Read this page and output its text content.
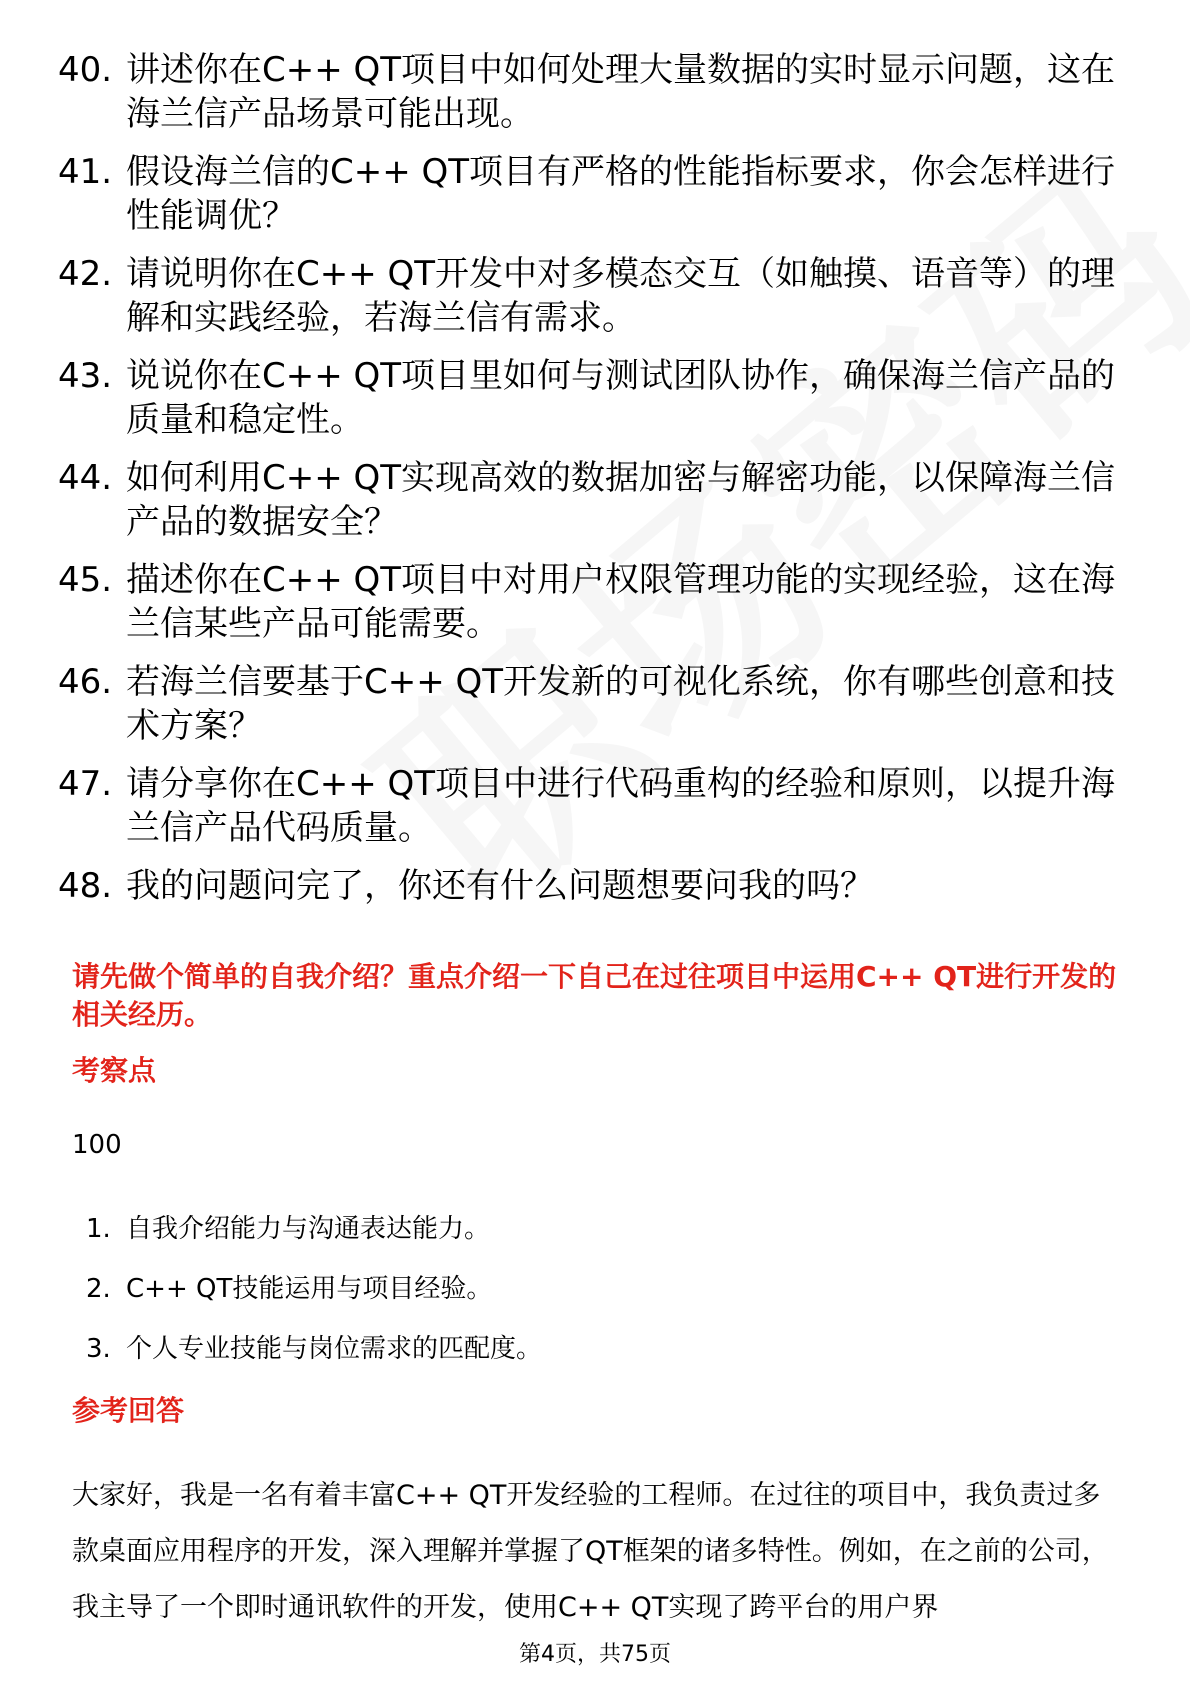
40. 讲述你在C++ QT项目中如何处理大量数据的实时显示问题，这在海兰信产品场景可能出现。
41. 假设海兰信的C++ QT项目有严格的性能指标要求，你会怎样进行性能调优？
42. 请说明你在C++ QT开发中对多模态交互（如触摸、语音等）的理解和实践经验，若海兰信有需求。
43. 说说你在C++ QT项目里如何与测试团队协作，确保海兰信产品的质量和稳定性。
44. 如何利用C++ QT实现高效的数据加密与解密功能，以保障海兰信产品的数据安全？
45. 描述你在C++ QT项目中对用户权限管理功能的实现经验，这在海兰信某些产品可能需要。
46. 若海兰信要基于C++ QT开发新的可视化系统，你有哪些创意和技术方案？
47. 请分享你在C++ QT项目中进行代码重构的经验和原则，以提升海兰信产品代码质量。
48. 我的问题问完了，你还有什么问题想要问我的吗？

请先做个简单的自我介绍？重点介绍一下自己在过往项目中运用C++ QT进行开发的相关经历。

考察点

100

1. 自我介绍能力与沟通表达能力。
2. C++ QT技能运用与项目经验。
3. 个人专业技能与岗位需求的匹配度。

参考回答

大家好，我是一名有着丰富C++ QT开发经验的工程师。在过往的项目中，我负责过多款桌面应用程序的开发，深入理解并掌握了QT框架的诸多特性。例如，在之前的公司，我主导了一个即时通讯软件的开发，使用C++ QT实现了跨平台的用户界

第4页，共75页
